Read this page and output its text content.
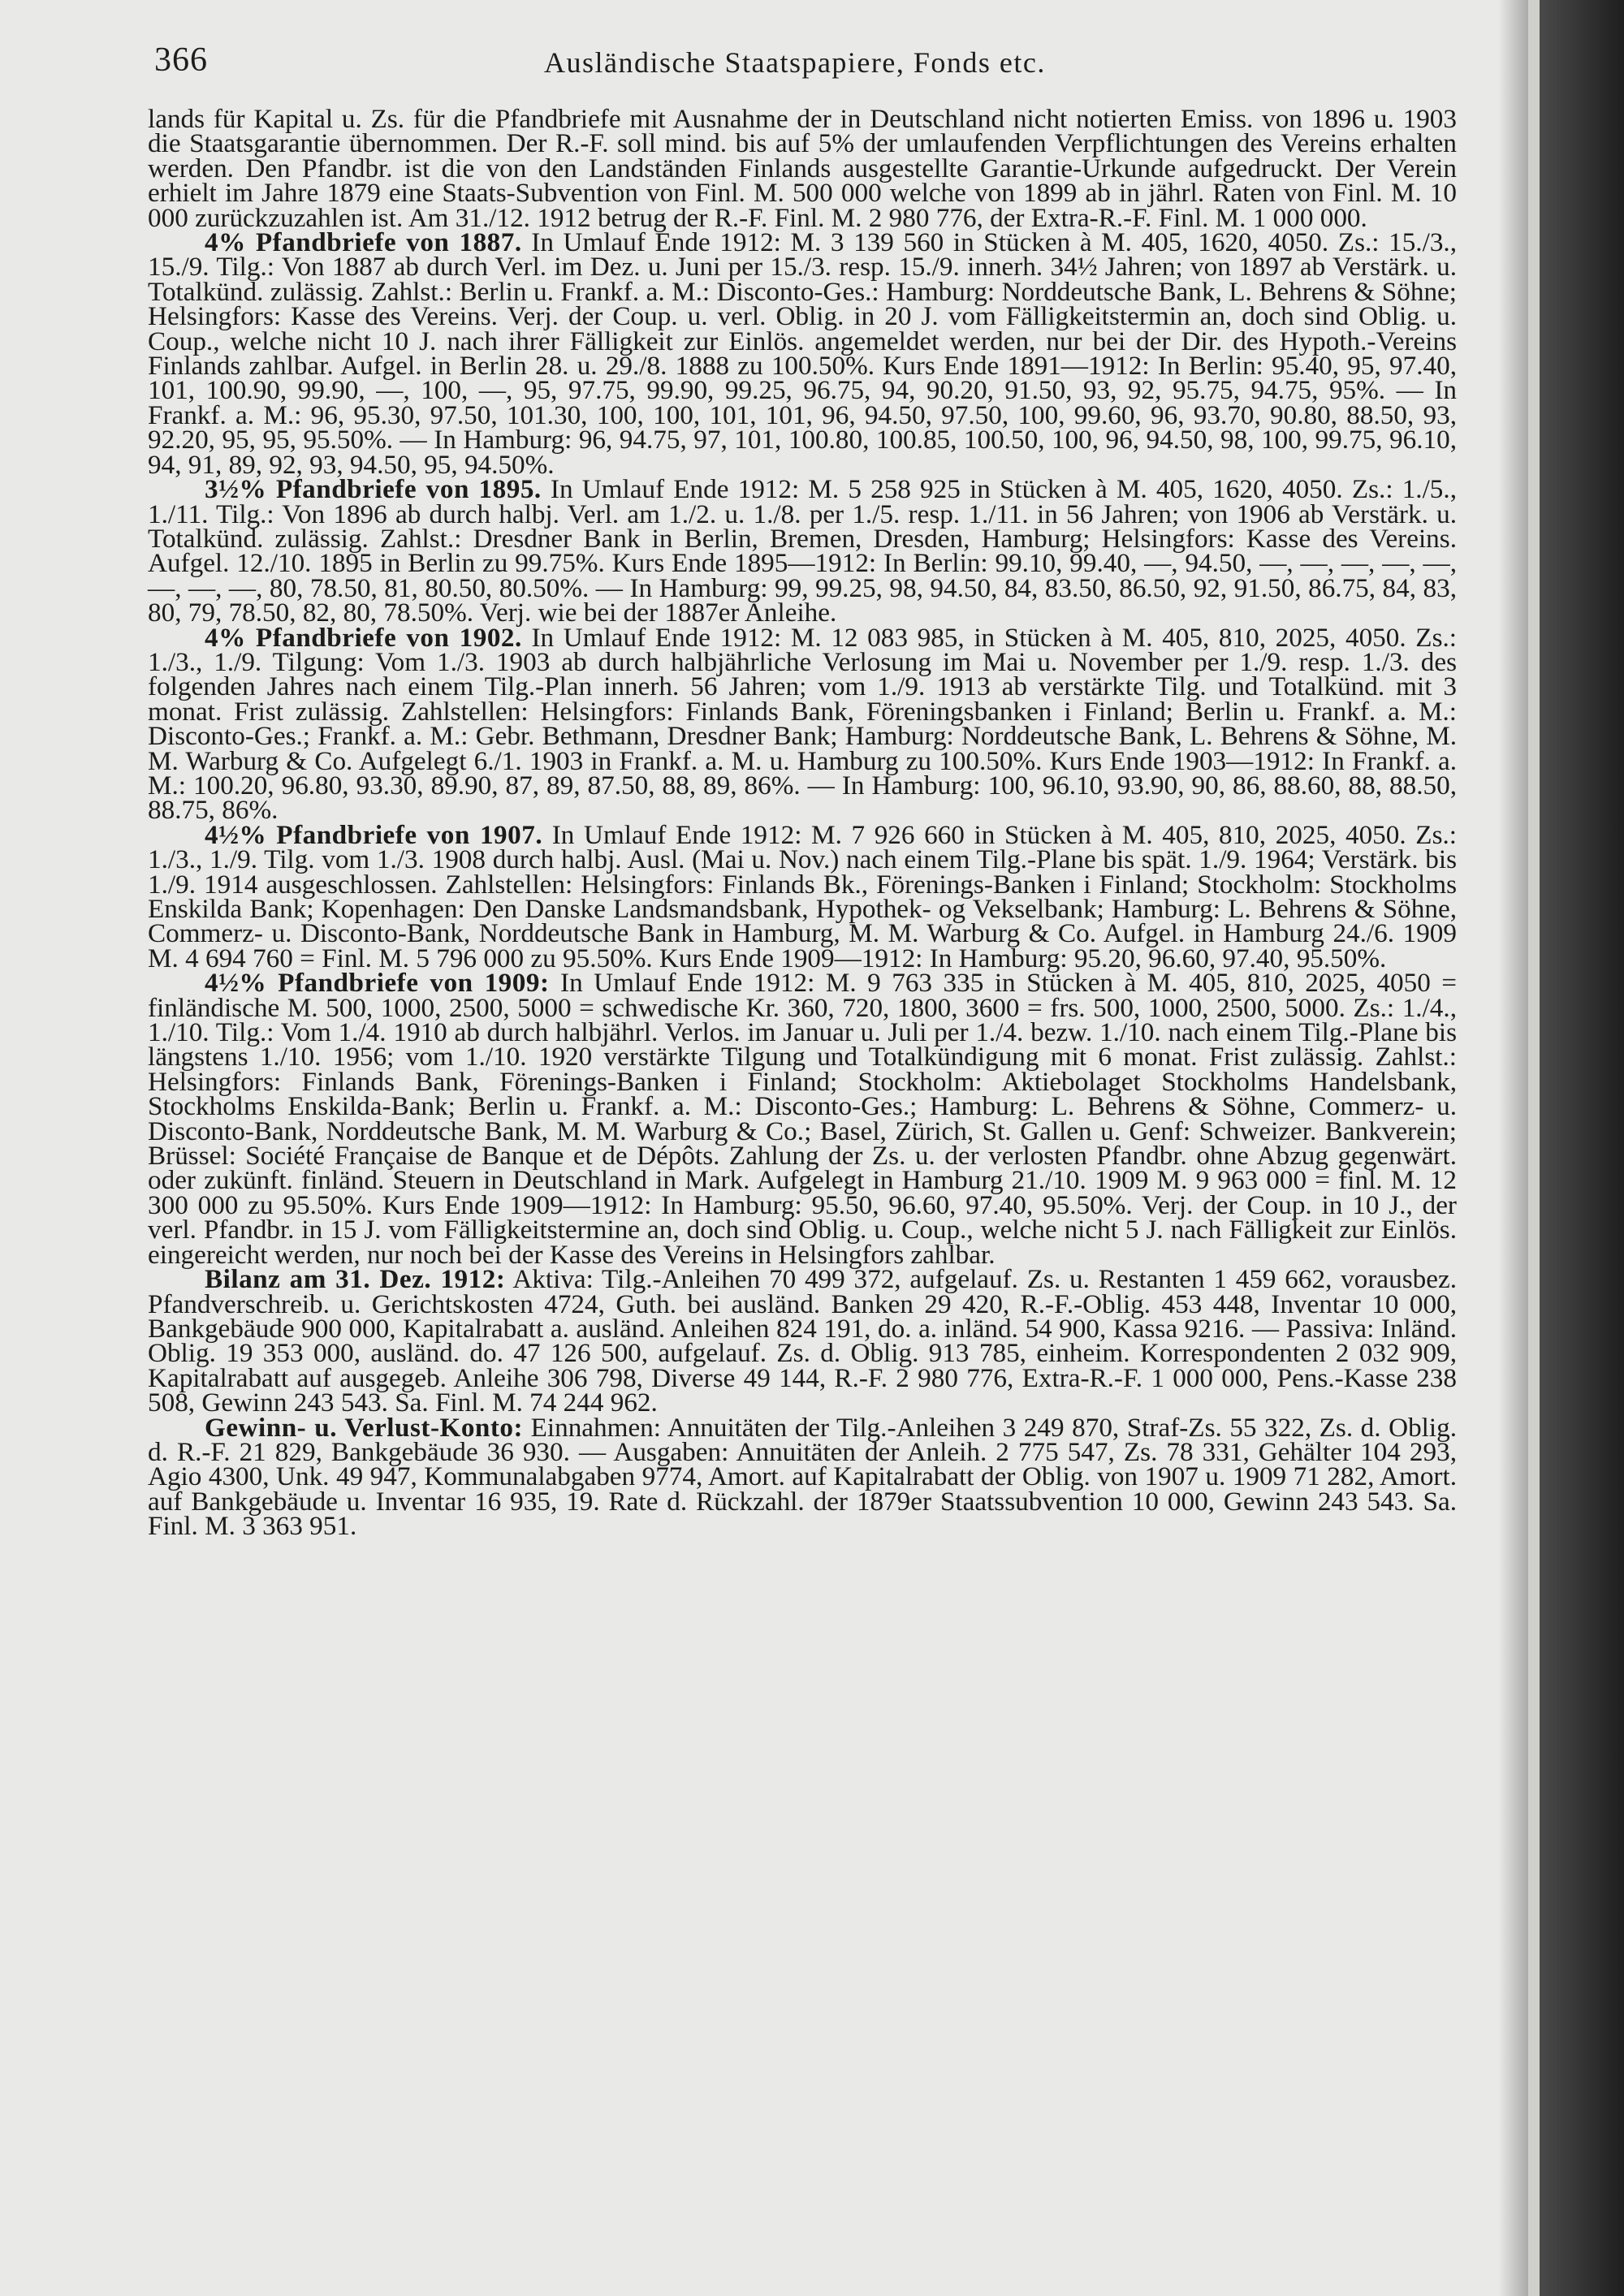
366	Ausländische Staatspapiere, Fonds etc.

lands für Kapital u. Zs. für die Pfandbriefe mit Ausnahme der in Deutschland nicht notierten Emiss. von 1896 u. 1903 die Staatsgarantie übernommen. Der R.-F. soll mind. bis auf 5% der umlaufenden Verpflichtungen des Vereins erhalten werden. Den Pfandbr. ist die von den Landständen Finlands ausgestellte Garantie-Urkunde aufgedruckt. Der Verein erhielt im Jahre 1879 eine Staats-Subvention von Finl. M. 500 000 welche von 1899 ab in jährl. Raten von Finl. M. 10 000 zurückzuzahlen ist. Am 31./12. 1912 betrug der R.-F. Finl. M. 2 980 776, der Extra-R.-F. Finl. M. 1 000 000.

4% Pfandbriefe von 1887. In Umlauf Ende 1912: M. 3 139 560 in Stücken à M. 405, 1620, 4050. Zs.: 15./3., 15./9. Tilg.: Von 1887 ab durch Verl. im Dez. u. Juni per 15./3. resp. 15./9. innerh. 34½ Jahren; von 1897 ab Verstärk. u. Totalkünd. zulässig. Zahlst.: Berlin u. Frankf. a. M.: Disconto-Ges.: Hamburg: Norddeutsche Bank, L. Behrens & Söhne; Helsingfors: Kasse des Vereins. Verj. der Coup. u. verl. Oblig. in 20 J. vom Fälligkeitstermin an, doch sind Oblig. u. Coup., welche nicht 10 J. nach ihrer Fälligkeit zur Einlös. angemeldet werden, nur bei der Dir. des Hypoth.-Vereins Finlands zahlbar. Aufgel. in Berlin 28. u. 29./8. 1888 zu 100.50%. Kurs Ende 1891—1912: In Berlin: 95.40, 95, 97.40, 101, 100.90, 99.90, —, 100, —, 95, 97.75, 99.90, 99.25, 96.75, 94, 90.20, 91.50, 93, 92, 95.75, 94.75, 95%. — In Frankf. a. M.: 96, 95.30, 97.50, 101.30, 100, 100, 101, 101, 96, 94.50, 97.50, 100, 99.60, 96, 93.70, 90.80, 88.50, 93, 92.20, 95, 95, 95.50%. — In Hamburg: 96, 94.75, 97, 101, 100.80, 100.85, 100.50, 100, 96, 94.50, 98, 100, 99.75, 96.10, 94, 91, 89, 92, 93, 94.50, 95, 94.50%.

3½% Pfandbriefe von 1895. In Umlauf Ende 1912: M. 5 258 925 in Stücken à M. 405, 1620, 4050. Zs.: 1./5., 1./11. Tilg.: Von 1896 ab durch halbj. Verl. am 1./2. u. 1./8. per 1./5. resp. 1./11. in 56 Jahren; von 1906 ab Verstärk. u. Totalkünd. zulässig. Zahlst.: Dresdner Bank in Berlin, Bremen, Dresden, Hamburg; Helsingfors: Kasse des Vereins. Aufgel. 12./10. 1895 in Berlin zu 99.75%. Kurs Ende 1895—1912: In Berlin: 99.10, 99.40, —, 94.50, —, —, —, —, —, —, —, —, 80, 78.50, 81, 80.50, 80.50%. — In Hamburg: 99, 99.25, 98, 94.50, 84, 83.50, 86.50, 92, 91.50, 86.75, 84, 83, 80, 79, 78.50, 82, 80, 78.50%. Verj. wie bei der 1887er Anleihe.

4% Pfandbriefe von 1902. In Umlauf Ende 1912: M. 12 083 985, in Stücken à M. 405, 810, 2025, 4050. Zs.: 1./3., 1./9. Tilgung: Vom 1./3. 1903 ab durch halbjährliche Verlosung im Mai u. November per 1./9. resp. 1./3. des folgenden Jahres nach einem Tilg.-Plan innerh. 56 Jahren; vom 1./9. 1913 ab verstärkte Tilg. und Totalkünd. mit 3 monat. Frist zulässig. Zahlstellen: Helsingfors: Finlands Bank, Föreningsbanken i Finland; Berlin u. Frankf. a. M.: Disconto-Ges.; Frankf. a. M.: Gebr. Bethmann, Dresdner Bank; Hamburg: Norddeutsche Bank, L. Behrens & Söhne, M. M. Warburg & Co. Aufgelegt 6./1. 1903 in Frankf. a. M. u. Hamburg zu 100.50%. Kurs Ende 1903—1912: In Frankf. a. M.: 100.20, 96.80, 93.30, 89.90, 87, 89, 87.50, 88, 89, 86%. — In Hamburg: 100, 96.10, 93.90, 90, 86, 88.60, 88, 88.50, 88.75, 86%.

4½% Pfandbriefe von 1907. In Umlauf Ende 1912: M. 7 926 660 in Stücken à M. 405, 810, 2025, 4050. Zs.: 1./3., 1./9. Tilg. vom 1./3. 1908 durch halbj. Ausl. (Mai u. Nov.) nach einem Tilg.-Plane bis spät. 1./9. 1964; Verstärk. bis 1./9. 1914 ausgeschlossen. Zahlstellen: Helsingfors: Finlands Bk., Förenings-Banken i Finland; Stockholm: Stockholms Enskilda Bank; Kopenhagen: Den Danske Landsmandsbank, Hypothek- og Vekselbank; Hamburg: L. Behrens & Söhne, Commerz- u. Disconto-Bank, Norddeutsche Bank in Hamburg, M. M. Warburg & Co. Aufgel. in Hamburg 24./6. 1909 M. 4 694 760 = Finl. M. 5 796 000 zu 95.50%. Kurs Ende 1909—1912: In Hamburg: 95.20, 96.60, 97.40, 95.50%.

4½% Pfandbriefe von 1909: In Umlauf Ende 1912: M. 9 763 335 in Stücken à M. 405, 810, 2025, 4050 = finländische M. 500, 1000, 2500, 5000 = schwedische Kr. 360, 720, 1800, 3600 = frs. 500, 1000, 2500, 5000. Zs.: 1./4., 1./10. Tilg.: Vom 1./4. 1910 ab durch halbjährl. Verlos. im Januar u. Juli per 1./4. bezw. 1./10. nach einem Tilg.-Plane bis längstens 1./10. 1956; vom 1./10. 1920 verstärkte Tilgung und Totalkündigung mit 6 monat. Frist zulässig. Zahlst.: Helsingfors: Finlands Bank, Förenings-Banken i Finland; Stockholm: Aktiebolaget Stockholms Handelsbank, Stockholms Enskilda-Bank; Berlin u. Frankf. a. M.: Disconto-Ges.; Hamburg: L. Behrens & Söhne, Commerz- u. Disconto-Bank, Norddeutsche Bank, M. M. Warburg & Co.; Basel, Zürich, St. Gallen u. Genf: Schweizer. Bankverein; Brüssel: Société Française de Banque et de Dépôts. Zahlung der Zs. u. der verlosten Pfandbr. ohne Abzug gegenwärt. oder zukünft. finländ. Steuern in Deutschland in Mark. Aufgelegt in Hamburg 21./10. 1909 M. 9 963 000 = finl. M. 12 300 000 zu 95.50%. Kurs Ende 1909—1912: In Hamburg: 95.50, 96.60, 97.40, 95.50%. Verj. der Coup. in 10 J., der verl. Pfandbr. in 15 J. vom Fälligkeitstermine an, doch sind Oblig. u. Coup., welche nicht 5 J. nach Fälligkeit zur Einlös. eingereicht werden, nur noch bei der Kasse des Vereins in Helsingfors zahlbar.

Bilanz am 31. Dez. 1912: Aktiva: Tilg.-Anleihen 70 499 372, aufgelauf. Zs. u. Restanten 1 459 662, vorausbez. Pfandverschreib. u. Gerichtskosten 4724, Guth. bei ausländ. Banken 29 420, R.-F.-Oblig. 453 448, Inventar 10 000, Bankgebäude 900 000, Kapitalrabatt a. ausländ. Anleihen 824 191, do. a. inländ. 54 900, Kassa 9216. — Passiva: Inländ. Oblig. 19 353 000, ausländ. do. 47 126 500, aufgelauf. Zs. d. Oblig. 913 785, einheim. Korrespondenten 2 032 909, Kapitalrabatt auf ausgegeb. Anleihe 306 798, Diverse 49 144, R.-F. 2 980 776, Extra-R.-F. 1 000 000, Pens.-Kasse 238 508, Gewinn 243 543. Sa. Finl. M. 74 244 962.

Gewinn- u. Verlust-Konto: Einnahmen: Annuitäten der Tilg.-Anleihen 3 249 870, Straf-Zs. 55 322, Zs. d. Oblig. d. R.-F. 21 829, Bankgebäude 36 930. — Ausgaben: Annuitäten der Anleih. 2 775 547, Zs. 78 331, Gehälter 104 293, Agio 4300, Unk. 49 947, Kommunalabgaben 9774, Amort. auf Kapitalrabatt der Oblig. von 1907 u. 1909 71 282, Amort. auf Bankgebäude u. Inventar 16 935, 19. Rate d. Rückzahl. der 1879er Staatssubvention 10 000, Gewinn 243 543. Sa. Finl. M. 3 363 951.
